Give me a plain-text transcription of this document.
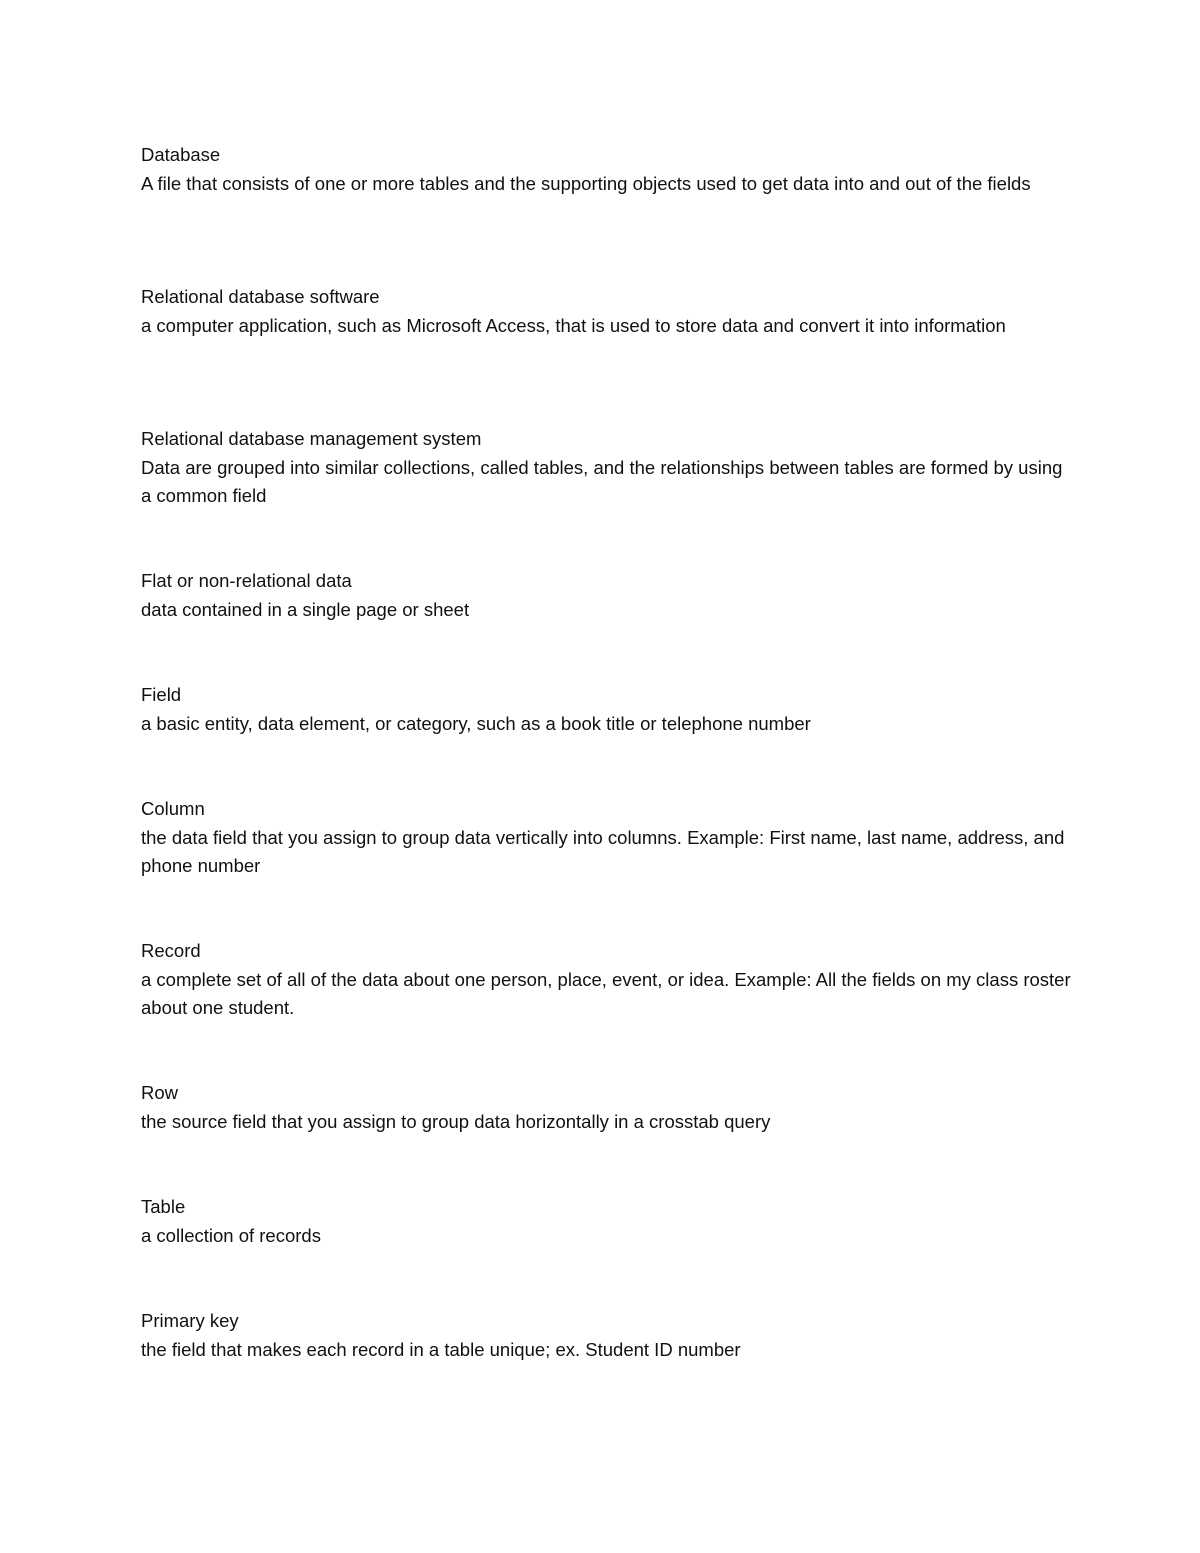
Database

A file that consists of one or more tables and the supporting objects used to get data into and out of the fields

Relational database software

a computer application, such as Microsoft Access, that is used to store data and convert it into information

Relational database management system

Data are grouped into similar collections, called tables, and the relationships between tables are formed by using a common field

Flat or non-relational data

data contained in a single page or sheet

Field

a basic entity, data element, or category, such as a book title or telephone number

Column

the data field that you assign to group data vertically into columns. Example: First name, last name, address, and phone number

Record

a complete set of all of the data about one person, place, event, or idea. Example: All the fields on my class roster about one student.

Row

the source field that you assign to group data horizontally in a crosstab query

Table

a collection of records

Primary key

the field that makes each record in a table unique; ex. Student ID number
